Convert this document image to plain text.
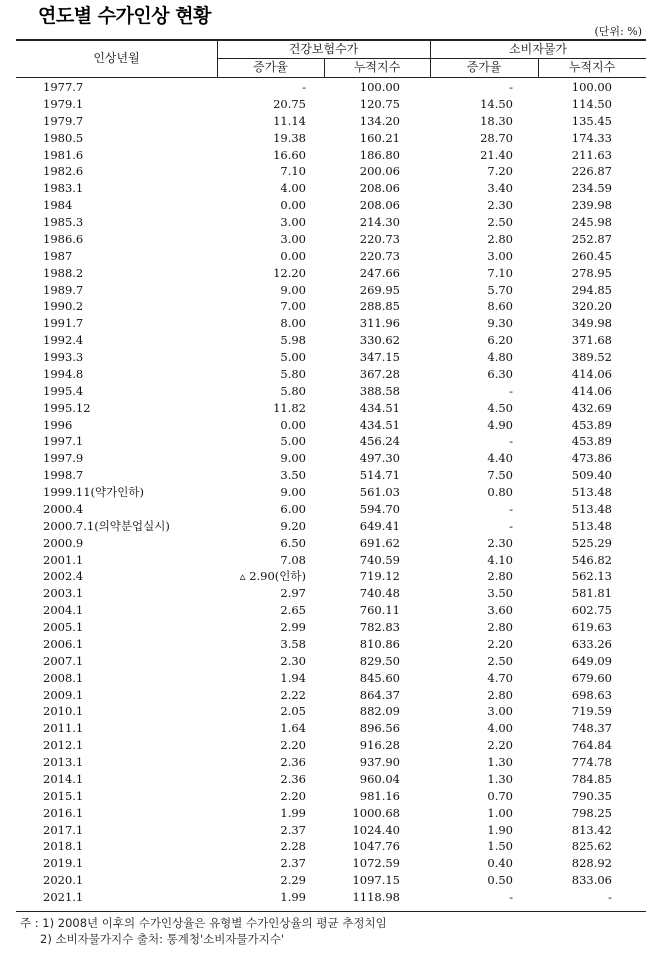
연도별 수가인상 현황
(단위: %)
인상년월
건강보험수가	소비자물가
증가율	누적지수	증가율	누적지수
1977.7	-	100.00	-	100.00
1979.1	20.75	120.75	14.50	114.50
1979.7	11.14	134.20	18.30	135.45
1980.5	19.38	160.21	28.70	174.33
1981.6	16.60	186.80	21.40	211.63
1982.6	7.10	200.06	7.20	226.87
1983.1	4.00	208.06	3.40	234.59
1984	0.00	208.06	2.30	239.98
1985.3	3.00	214.30	2.50	245.98
1986.6	3.00	220.73	2.80	252.87
1987	0.00	220.73	3.00	260.45
1988.2	12.20	247.66	7.10	278.95
1989.7	9.00	269.95	5.70	294.85
1990.2	7.00	288.85	8.60	320.20
1991.7	8.00	311.96	9.30	349.98
1992.4	5.98	330.62	6.20	371.68
1993.3	5.00	347.15	4.80	389.52
1994.8	5.80	367.28	6.30	414.06
1995.4	5.80	388.58	-	414.06
1995.12	11.82	434.51	4.50	432.69
1996	0.00	434.51	4.90	453.89
1997.1	5.00	456.24	-	453.89
1997.9	9.00	497.30	4.40	473.86
1998.7	3.50	514.71	7.50	509.40
1999.11(약가인하)	9.00	561.03	0.80	513.48
2000.4	6.00	594.70	-	513.48
2000.7.1(의약분업실시)	9.20	649.41	-	513.48
2000.9	6.50	691.62	2.30	525.29
2001.1	7.08	740.59	4.10	546.82
2002.4	▵ 2.90(인하)	719.12	2.80	562.13
2003.1	2.97	740.48	3.50	581.81
2004.1	2.65	760.11	3.60	602.75
2005.1	2.99	782.83	2.80	619.63
2006.1	3.58	810.86	2.20	633.26
2007.1	2.30	829.50	2.50	649.09
2008.1	1.94	845.60	4.70	679.60
2009.1	2.22	864.37	2.80	698.63
2010.1	2.05	882.09	3.00	719.59
2011.1	1.64	896.56	4.00	748.37
2012.1	2.20	916.28	2.20	764.84
2013.1	2.36	937.90	1.30	774.78
2014.1	2.36	960.04	1.30	784.85
2015.1	2.20	981.16	0.70	790.35
2016.1	1.99	1000.68	1.00	798.25
2017.1	2.37	1024.40	1.90	813.42
2018.1	2.28	1047.76	1.50	825.62
2019.1	2.37	1072.59	0.40	828.92
2020.1	2.29	1097.15	0.50	833.06
2021.1	1.99	1118.98	-	-
주 : 1) 2008년 이후의 수가인상율은 유형별 수가인상율의 평균 추정치임
2) 소비자물가지수 출처: 통계청'소비자물가지수'
